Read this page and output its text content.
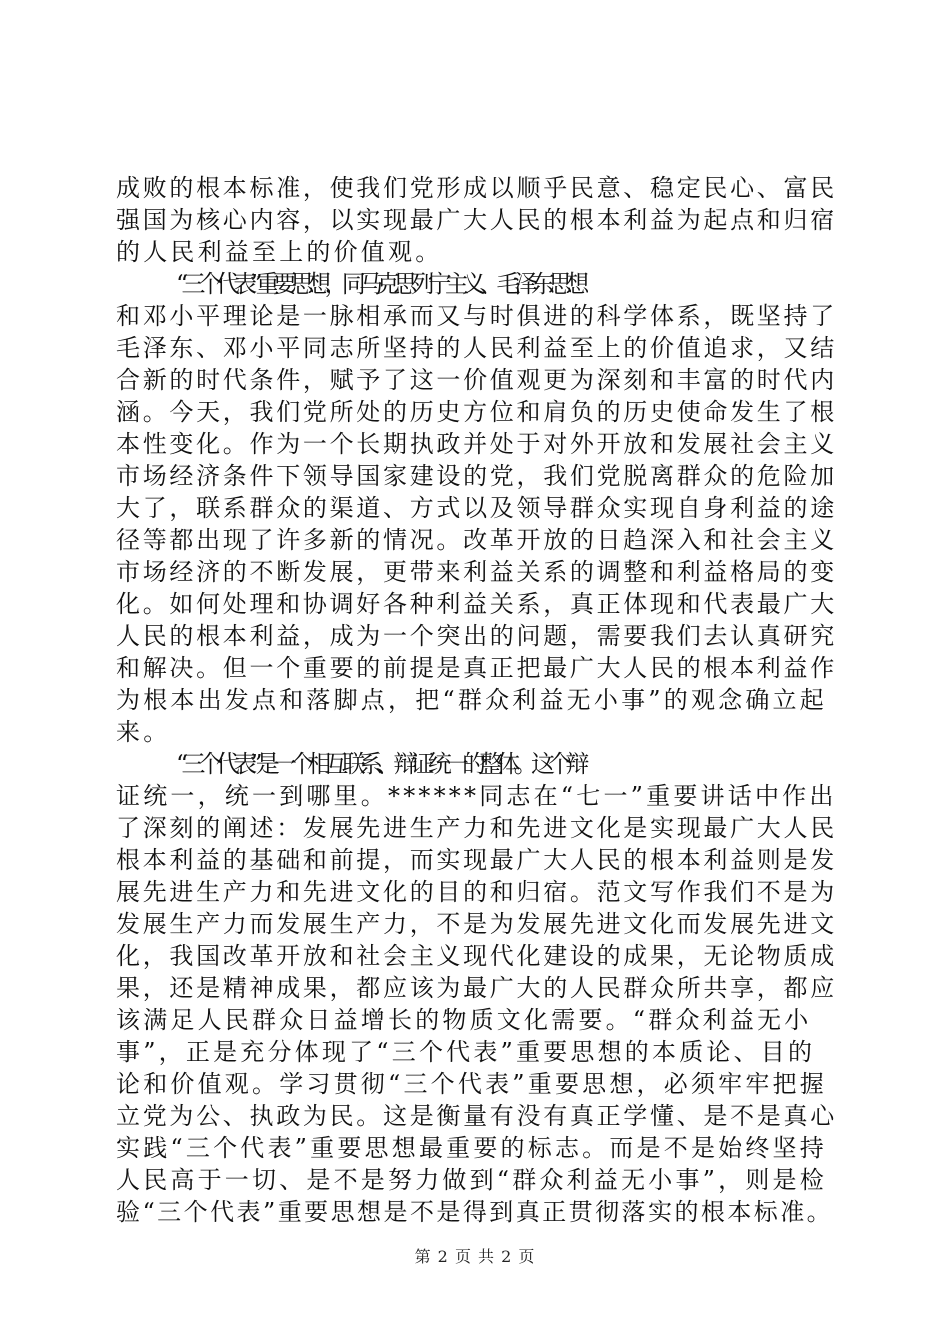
成败的根本标准，使我们党形成以顺乎民意、稳定民心、富民
强国为核心内容，以实现最广大人民的根本利益为起点和归宿
的人民利益至上的价值观。
“三个代表”重要思想，同马克思列宁主义、毛泽东思想
和邓小平理论是一脉相承而又与时俱进的科学体系，既坚持了
毛泽东、邓小平同志所坚持的人民利益至上的价值追求，又结
合新的时代条件，赋予了这一价值观更为深刻和丰富的时代内
涵。今天，我们党所处的历史方位和肩负的历史使命发生了根
本性变化。作为一个长期执政并处于对外开放和发展社会主义
市场经济条件下领导国家建设的党，我们党脱离群众的危险加
大了，联系群众的渠道、方式以及领导群众实现自身利益的途
径等都出现了许多新的情况。改革开放的日趋深入和社会主义
市场经济的不断发展，更带来利益关系的调整和利益格局的变
化。如何处理和协调好各种利益关系，真正体现和代表最广大
人民的根本利益，成为一个突出的问题，需要我们去认真研究
和解决。但一个重要的前提是真正把最广大人民的根本利益作
为根本出发点和落脚点，把“群众利益无小事”的观念确立起
来。
“三个代表”是一个相互联系、辩证统一的整体。这个辩
证统一，统一到哪里。******同志在“七一”重要讲话中作出
了深刻的阐述：发展先进生产力和先进文化是实现最广大人民
根本利益的基础和前提，而实现最广大人民的根本利益则是发
展先进生产力和先进文化的目的和归宿。范文写作我们不是为
发展生产力而发展生产力，不是为发展先进文化而发展先进文
化，我国改革开放和社会主义现代化建设的成果，无论物质成
果，还是精神成果，都应该为最广大的人民群众所共享，都应
该满足人民群众日益增长的物质文化需要。“群众利益无小
事”，正是充分体现了“三个代表”重要思想的本质论、目的
论和价值观。学习贯彻“三个代表”重要思想，必须牢牢把握
立党为公、执政为民。这是衡量有没有真正学懂、是不是真心
实践“三个代表”重要思想最重要的标志。而是不是始终坚持
人民高于一切、是不是努力做到“群众利益无小事”，则是检
验“三个代表”重要思想是不是得到真正贯彻落实的根本标准。
第 2 页 共 2 页
